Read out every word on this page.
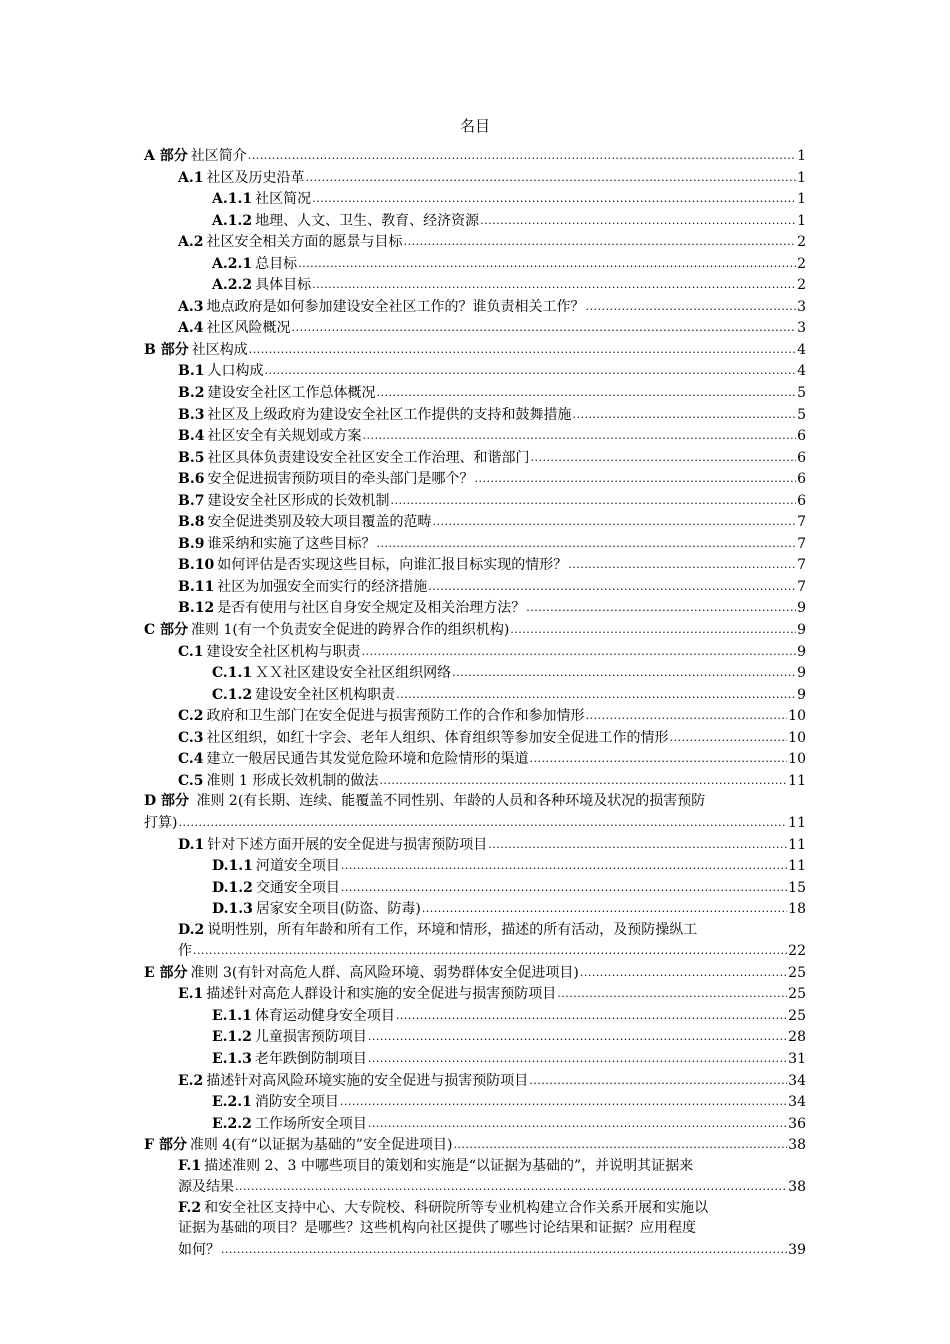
名目
A 部分 社区简介 .....	1
A.1 社区及历史沿革 .....	1
A.1.1 社区简况 .....	1
A.1.2 地理、人文、卫生、教育、经济资源 .....	1
A.2 社区安全相关方面的愿景与目标 .....	2
A.2.1 总目标 .....	2
A.2.2 具体目标 .....	2
A.3 地点政府是如何参加建设安全社区工作的？谁负责相关工作？ .....	3
A.4 社区风险概况 .....	3
B 部分 社区构成 .....	4
B.1 人口构成 .....	4
B.2 建设安全社区工作总体概况 .....	5
B.3 社区及上级政府为建设安全社区工作提供的支持和鼓舞措施 .....	5
B.4 社区安全有关规划或方案 .....	6
B.5 社区具体负责建设安全社区安全工作治理、和谐部门 .....	6
B.6 安全促进损害预防项目的牵头部门是哪个？ .....	6
B.7 建设安全社区形成的长效机制 .....	6
B.8 安全促进类别及较大项目覆盖的范畴 .....	7
B.9 谁采纳和实施了这些目标？ .....	7
B.10 如何评估是否实现这些目标，向谁汇报目标实现的情形？ .....	7
B.11 社区为加强安全而实行的经济措施 .....	7
B.12 是否有使用与社区自身安全规定及相关治理方法？ .....	9
C 部分 准则 1(有一个负责安全促进的跨界合作的组织机构) .....	9
C.1 建设安全社区机构与职责 .....	9
C.1.1 ＸＸ社区建设安全社区组织网络 .....	9
C.1.2 建设安全社区机构职责 .....	9
C.2 政府和卫生部门在安全促进与损害预防工作的合作和参加情形 .....	10
C.3 社区组织，如红十字会、老年人组织、体育组织等参加安全促进工作的情形 .....	10
C.4 建立一般居民通告其发觉危险环境和危险情形的渠道 .....	10
C.5 准则 1 形成长效机制的做法 .....	11
D 部分 准则 2(有长期、连续、能覆盖不同性别、年龄的人员和各种环境及状况的损害预防
打算) .....	11
D.1 针对下述方面开展的安全促进与损害预防项目 .....	11
D.1.1 河道安全项目 .....	11
D.1.2 交通安全项目 .....	15
D.1.3 居家安全项目(防盗、防毒) .....	18
D.2 说明性别，所有年龄和所有工作，环境和情形，描述的所有活动，及预防操纵工
作 .....	22
E 部分 准则 3(有针对高危人群、高风险环境、弱势群体安全促进项目) .....	25
E.1 描述针对高危人群设计和实施的安全促进与损害预防项目 .....	25
E.1.1 体育运动健身安全项目 .....	25
E.1.2 儿童损害预防项目 .....	28
E.1.3 老年跌倒防制项目 .....	31
E.2 描述针对高风险环境实施的安全促进与损害预防项目 .....	34
E.2.1 消防安全项目 .....	34
E.2.2 工作场所安全项目 .....	36
F 部分 准则 4(有“以证据为基础的”安全促进项目) .....	38
F.1 描述准则 2、3 中哪些项目的策划和实施是“以证据为基础的”，并说明其证据来
源及结果 .....	38
F.2 和安全社区支持中心、大专院校、科研院所等专业机构建立合作关系开展和实施以
证据为基础的项目？是哪些？这些机构向社区提供了哪些讨论结果和证据？应用程度
如何？ .....	39
